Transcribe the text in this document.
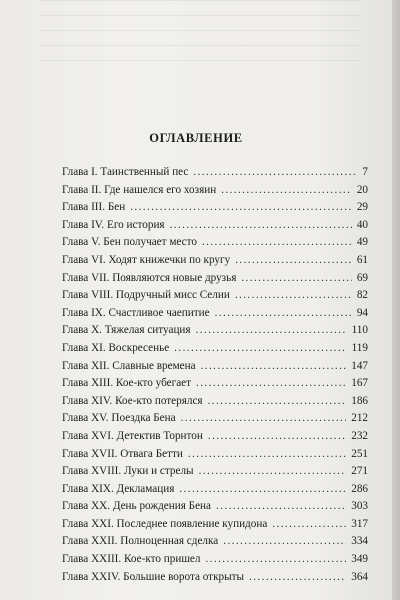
ОГЛАВЛЕНИЕ
Глава I. Таинственный пес .....	7
Глава II. Где нашелся его хозяин .....	20
Глава III. Бен .....	29
Глава IV. Его история .....	40
Глава V. Бен получает место .....	49
Глава VI. Ходят книжечки по кругу .....	61
Глава VII. Появляются новые друзья .....	69
Глава VIII. Подручный мисс Селии .....	82
Глава IX. Счастливое чаепитие .....	94
Глава X. Тяжелая ситуация .....	110
Глава XI. Воскресенье .....	119
Глава XII. Славные времена .....	147
Глава XIII. Кое-кто убегает .....	167
Глава XIV. Кое-кто потерялся .....	186
Глава XV. Поездка Бена .....	212
Глава XVI. Детектив Торнтон .....	232
Глава XVII. Отвага Бетти .....	251
Глава XVIII. Луки и стрелы .....	271
Глава XIX. Декламация .....	286
Глава XX. День рождения Бена .....	303
Глава XXI. Последнее появление купидона .....	317
Глава XXII. Полноценная сделка .....	334
Глава XXIII. Кое-кто пришел .....	349
Глава XXIV. Большие ворота открыты .....	364
